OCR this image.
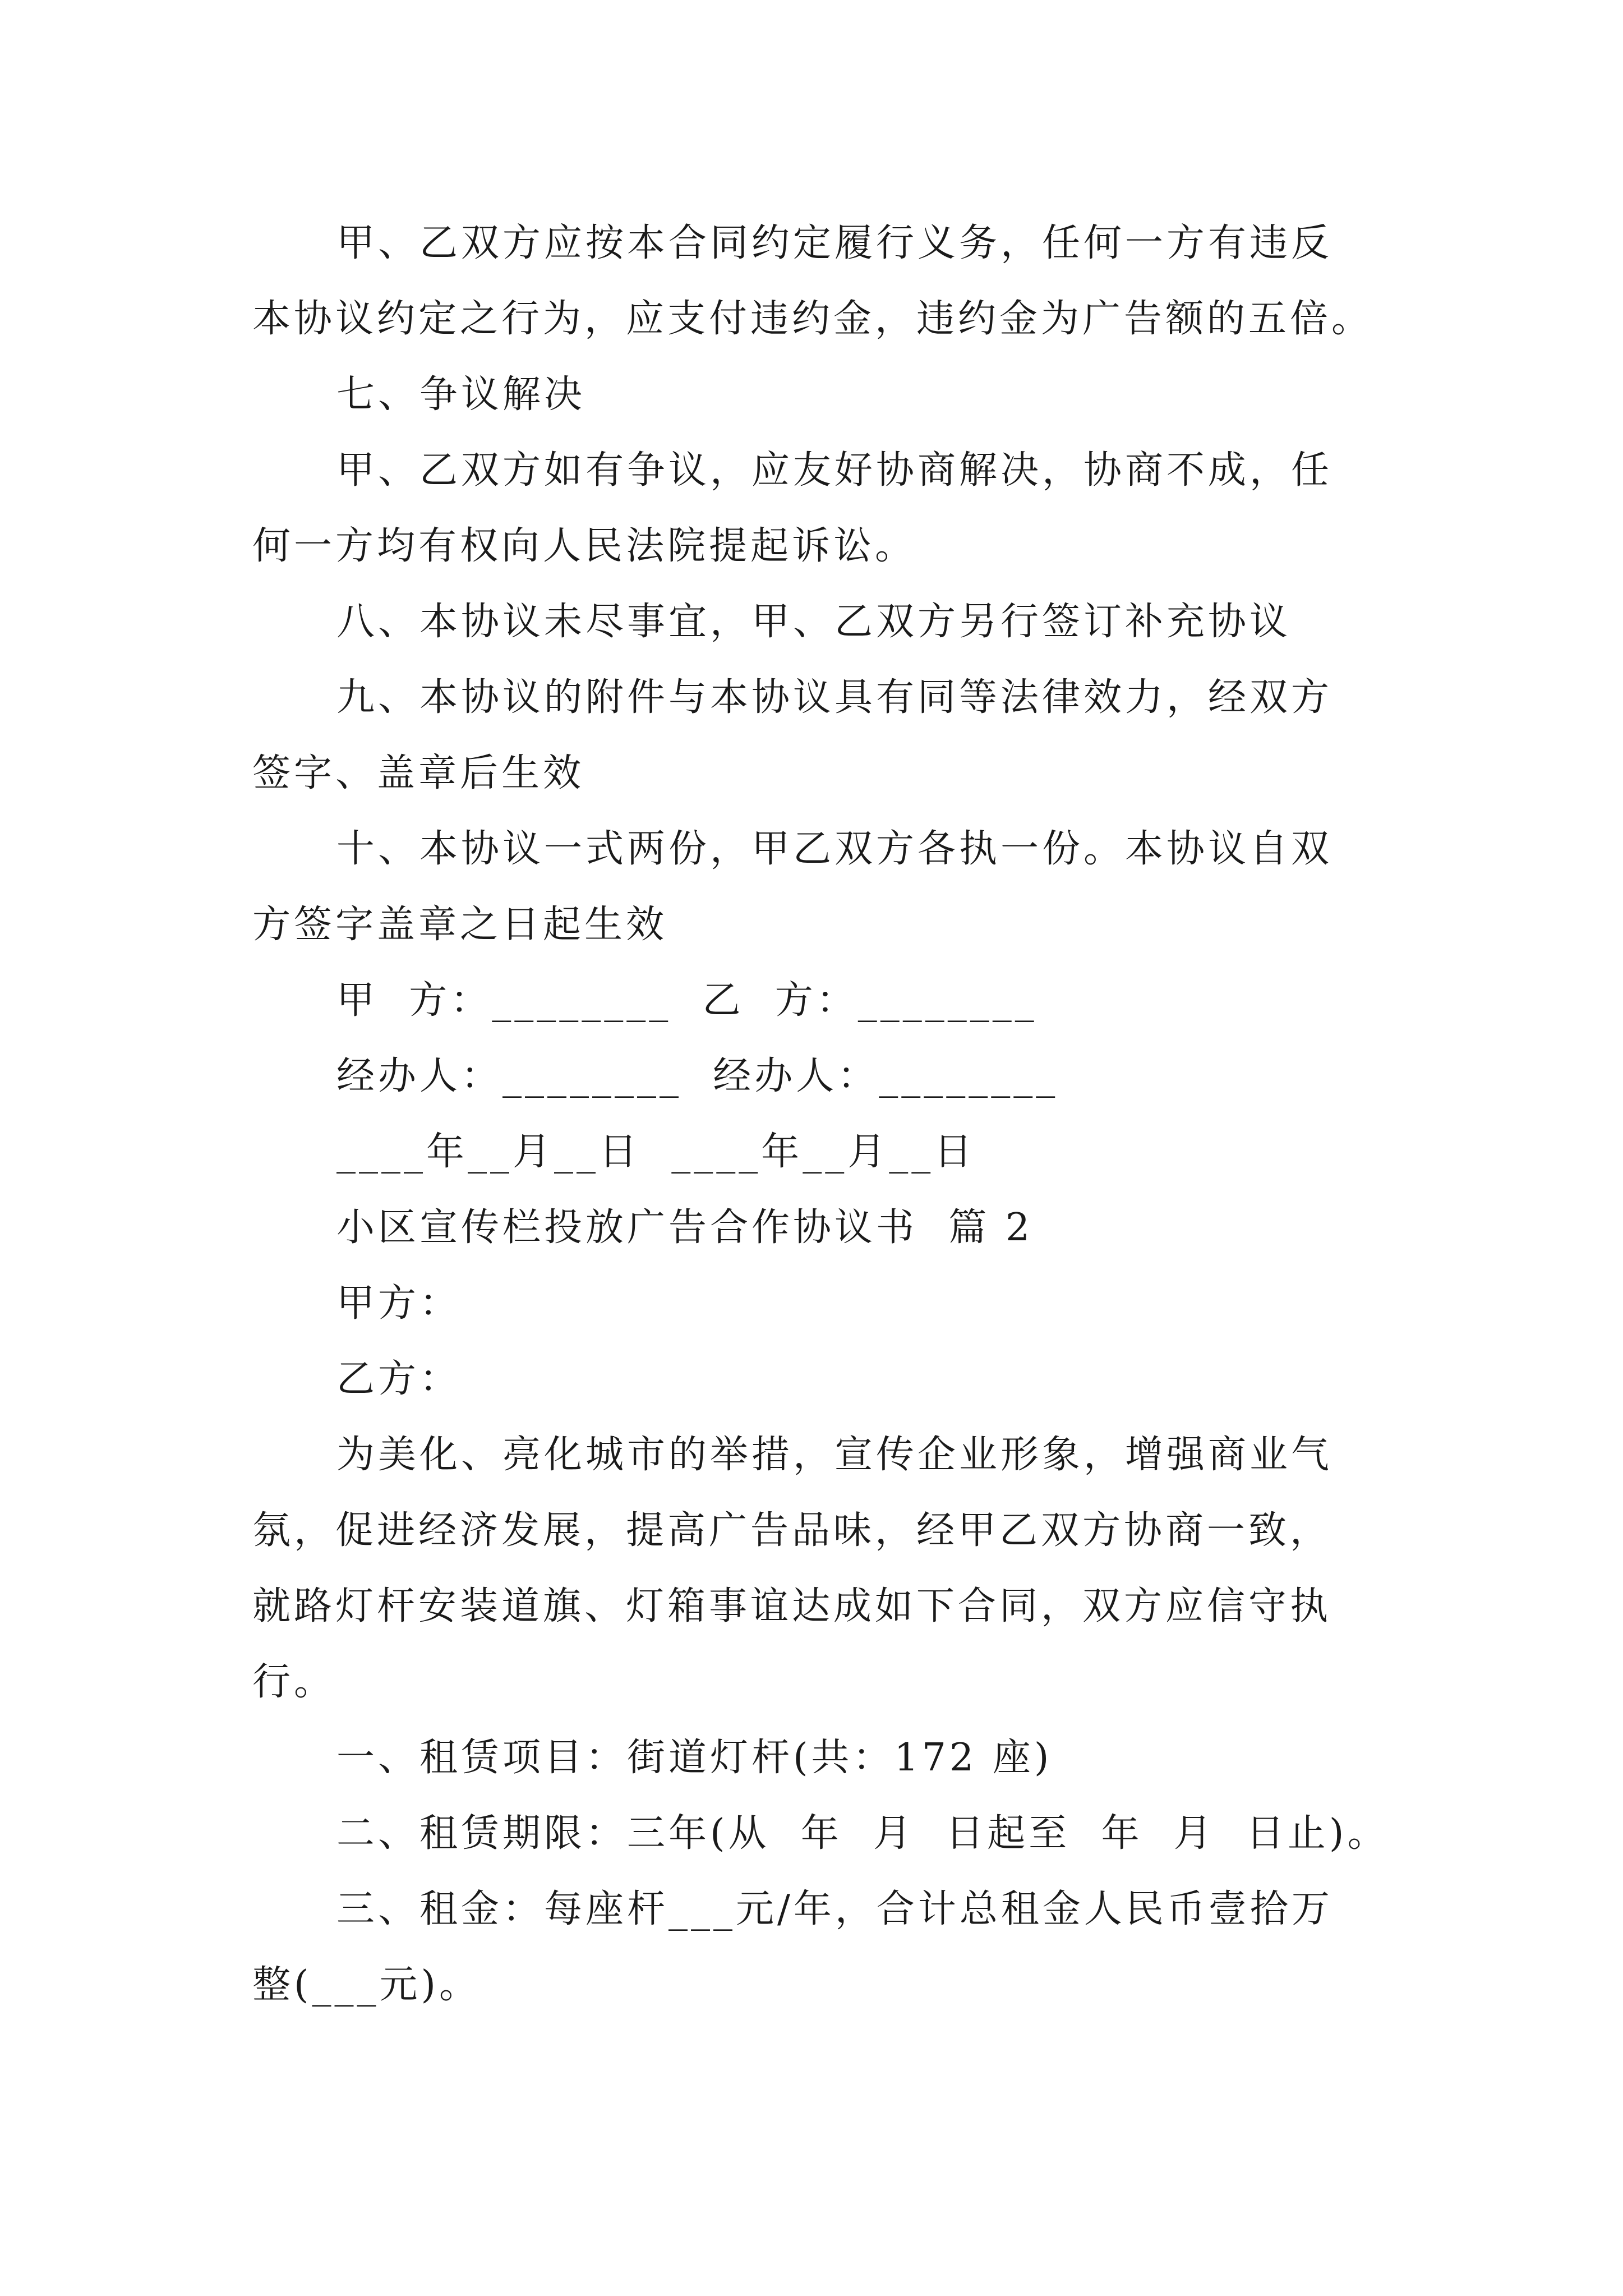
甲、乙双方应按本合同约定履行义务，任何一方有违反
本协议约定之行为，应支付违约金，违约金为广告额的五倍。
七、争议解决
甲、乙双方如有争议，应友好协商解决，协商不成，任
何一方均有权向人民法院提起诉讼。
八、本协议未尽事宜，甲、乙双方另行签订补充协议
九、本协议的附件与本协议具有同等法律效力，经双方
签字、盖章后生效
十、本协议一式两份，甲乙双方各执一份。本协议自双
方签字盖章之日起生效
甲  方：________  乙  方：________
经办人：________  经办人：________
____年__月__日  ____年__月__日
小区宣传栏投放广告合作协议书  篇 2
甲方：
乙方：
为美化、亮化城市的举措，宣传企业形象，增强商业气
氛，促进经济发展，提高广告品味，经甲乙双方协商一致，
就路灯杆安装道旗、灯箱事谊达成如下合同，双方应信守执
行。
一、租赁项目：街道灯杆(共：172 座)
二、租赁期限：三年(从  年  月  日起至  年  月  日止)。
三、租金：每座杆___元/年，合计总租金人民币壹拾万
整(___元)。
